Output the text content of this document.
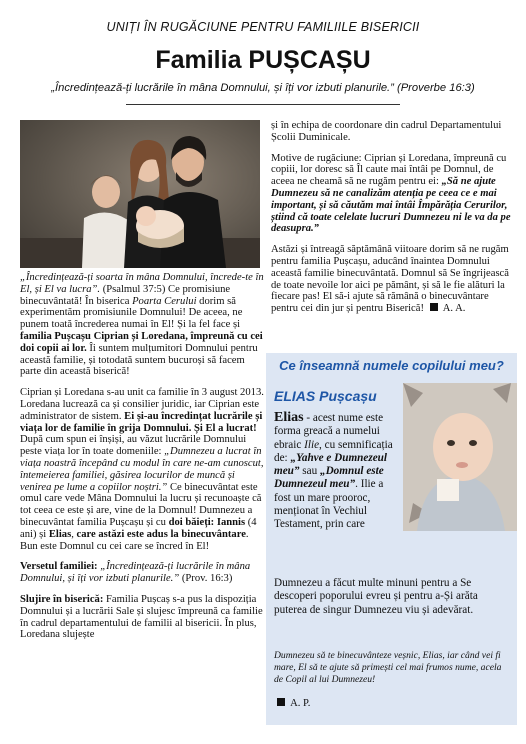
UNIȚI ÎN RUGĂCIUNE PENTRU FAMILIILE BISERICII
Familia PUȘCAȘU
„Încredințează-ți lucrările în mâna Domnului, și îți vor izbuti planurile.” (Proverbe 16:3)

„Încredințează-ți soarta în mâna Domnului, încrede-te în El, și El va lucra”. (Psalmul 37:5) Ce promisiune binecuvântată! În biserica Poarta Cerului dorim să experimentăm promisiunile Domnului! De aceea, ne punem toată încrederea numai în El! Și la fel face și familia Pușcașu Ciprian și Loredana, împreună cu cei doi copii ai lor. Îi suntem mulțumitori Domnului pentru această familie, și totodată suntem bucuroși să facem parte din această biserică!

Ciprian și Loredana s-au unit ca familie în 3 august 2013. Loredana lucrează ca și consilier juridic, iar Ciprian este administrator de sistem. Ei și-au încredințat lucrările și viața lor de familie în grija Domnului. Și El a lucrat! După cum spun ei înșiși, au văzut lucrările Domnului peste viața lor în toate domeniile: „Dumnezeu a lucrat în viața noastră începând cu modul în care ne-am cunoscut, întemeierea familiei, găsirea locurilor de muncă și venirea pe lume a copiilor noștri.” Ce binecuvântat este omul care vede Mâna Domnului la lucru și recunoaște că tot ceea ce este și are, vine de la Domnul! Dumnezeu a binecuvântat familia Pușcașu și cu doi băieți: Iannis (4 ani) și Elias, care astăzi este adus la binecuvântare. Bun este Domnul cu cei care se încred în El!

Versetul familiei: „Încredințează-ți lucrările în mâna Domnului, și îți vor izbuti planurile.” (Prov. 16:3)

Slujire în biserică: Familia Pușcaș s-a pus la dispoziția Domnului și a lucrării Sale și slujesc împreună ca familie în cadrul departamentului de familii al bisericii. În plus, Loredana slujește

și în echipa de coordonare din cadrul Departamentului Școlii Duminicale.

Motive de rugăciune: Ciprian și Loredana, împreună cu copiii, lor doresc să Îl caute mai întâi pe Domnul, de aceea ne cheamă să ne rugăm pentru ei: „Să ne ajute Dumnezeu să ne canalizăm atenția pe ceea ce e mai important, și să căutăm mai întâi Împărăția Cerurilor, știind că toate celelate lucruri Dumnezeu ni le va da pe deasupra.”

Astăzi și întreagă săptămână viitoare dorim să ne rugăm pentru familia Pușcașu, aducând înaintea Domnului această familie binecuvântată. Domnul să Se îngrijească de toate nevoile lor aici pe pământ, și să le fie alături la fiecare pas! El să-i ajute să rămână o binecuvântare pentru cei din jur și pentru Biserică! A. A.

Ce înseamnă numele copilului meu?
ELIAS Pușcașu
Elias - acest nume este forma greacă a numelui ebraic Ilie, cu semnificația de: „Yahve e Dumnezeul meu” sau „Domnul este Dumnezeul meu”. Ilie a fost un mare prooroc, menționat în Vechiul Testament, prin care
Dumnezeu a făcut multe minuni pentru a Se descoperi poporului evreu și pentru a-Și arăta puterea de singur Dumnezeu viu și adevărat.
Dumnezeu să te binecuvânteze veșnic, Elias, iar când vei fi mare, El să te ajute să primești cel mai frumos nume, acela de Copil al lui Dumnezeu!
A. P.
